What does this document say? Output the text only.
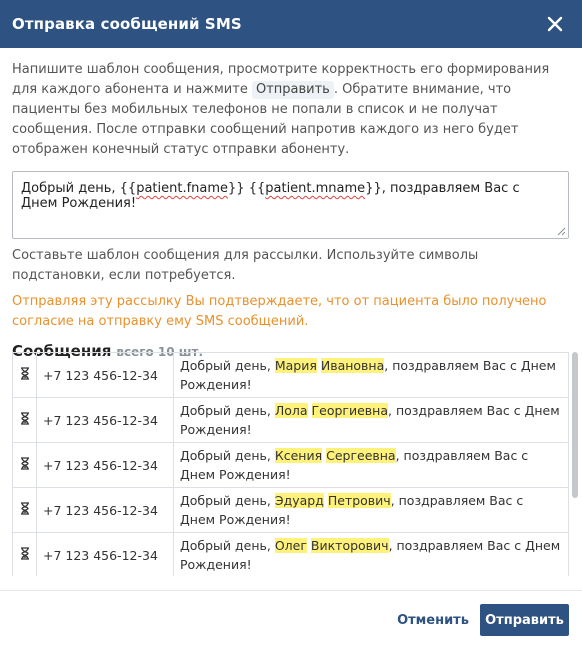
Отправка сообщений SMS

Напишите шаблон сообщения, просмотрите корректность его формирования для каждого абонента и нажмите Отправить . Обратите внимание, что пациенты без мобильных телефонов не попали в список и не получат сообщения. После отправки сообщений напротив каждого из него будет отображен конечный статус отправки абоненту.

Добрый день, {{patient.fname}} {{patient.mname}}, поздравляем Вас с Днем Рождения!

Составьте шаблон сообщения для рассылки. Используйте символы подстановки, если потребуется.

Отправляя эту рассылку Вы подтверждаете, что от пациента было получено согласие на отправку ему SMS сообщений.

Сообщения всего 10 шт.
	+7 123 456-12-34	Добрый день, Мария Ивановна, поздравляем Вас с Днем Рождения!
	+7 123 456-12-34	Добрый день, Лола Георгиевна, поздравляем Вас с Днем Рождения!
	+7 123 456-12-34	Добрый день, Ксения Сергеевна, поздравляем Вас с Днем Рождения!
	+7 123 456-12-34	Добрый день, Эдуард Петрович, поздравляем Вас с Днем Рождения!
	+7 123 456-12-34	Добрый день, Олег Викторович, поздравляем Вас с Днем Рождения!
Отменить	Отправить
